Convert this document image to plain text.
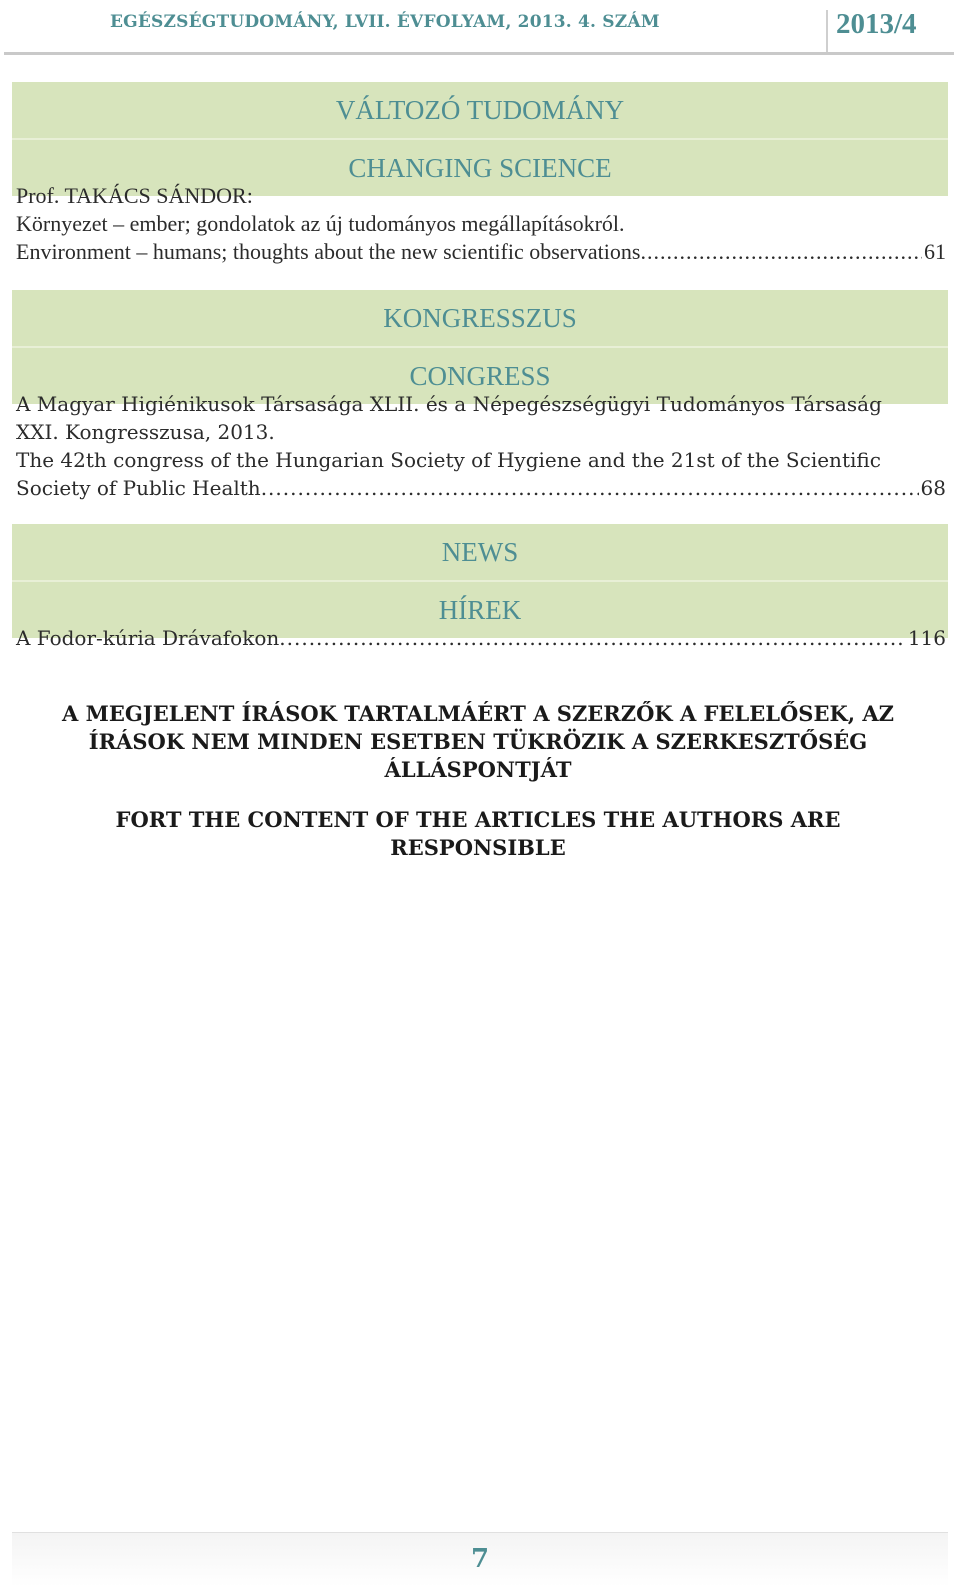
EGÉSZSÉGTUDOMÁNY, LVII. ÉVFOLYAM, 2013. 4. SZÁM	2013/4
VÁLTOZÓ TUDOMÁNY
CHANGING SCIENCE
Prof. TAKÁCS SÁNDOR:
Környezet – ember; gondolatok az új tudományos megállapításokról.
Environment – humans; thoughts about the new scientific observations .....	61
KONGRESSZUS
CONGRESS
A Magyar Higiénikusok Társasága XLII. és a Népegészségügyi Tudományos Társaság
XXI. Kongresszusa, 2013.
The 42th congress of the Hungarian Society of Hygiene and the 21st of the Scientific
Society of Public Health .....	68
NEWS
HÍREK
A Fodor-kúria Drávafokon .....	116
A MEGJELENT ÍRÁSOK TARTALMÁÉRT A SZERZŐK A FELELŐSEK, AZ
ÍRÁSOK NEM MINDEN ESETBEN TÜKRÖZIK A SZERKESZTŐSÉG
ÁLLÁSPONTJÁT
FORT THE CONTENT OF THE ARTICLES THE AUTHORS ARE
RESPONSIBLE
7
